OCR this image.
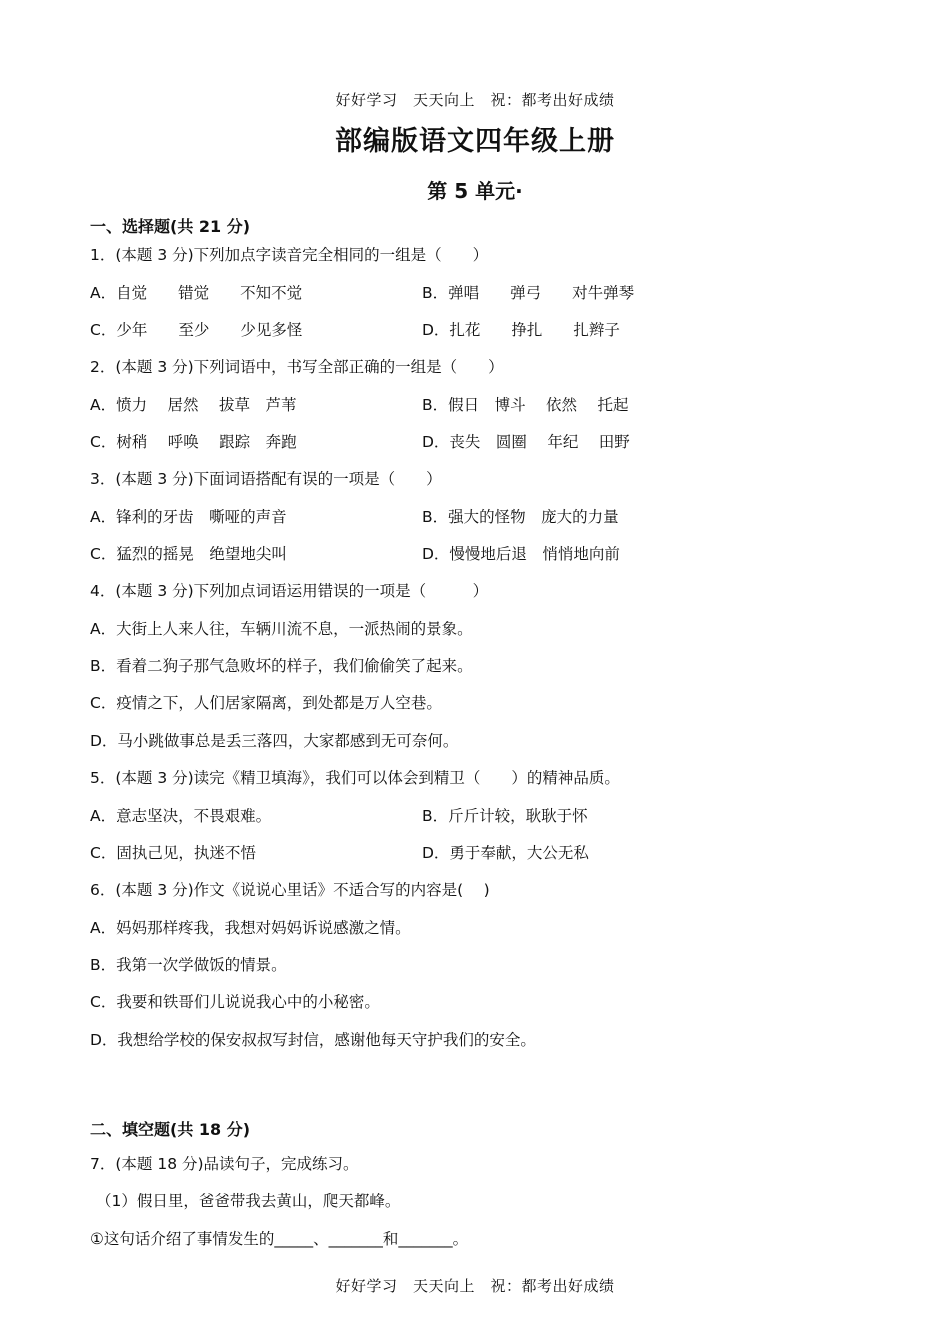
好好学习　天天向上　祝：都考出好成绩
部编版语文四年级上册
第 5 单元·
一、选择题(共 21 分)
1．(本题 3 分)下列加点字读音完全相同的一组是（　　）
A．自觉　　错觉　　不知不觉	B．弹唱　　弹弓　　对牛弹琴
C．少年　　至少　　少见多怪	D．扎花　　挣扎　　扎辫子
2．(本题 3 分)下列词语中，书写全部正确的一组是（　　）
A．愤力　 居然　 拔草　芦苇	B．假日　博斗　 依然　 托起
C．树稍　 呼唤　 跟踪　奔跑	D．丧失　圆圈　 年纪　 田野
3．(本题 3 分)下面词语搭配有误的一项是（　　）
A．锋利的牙齿　嘶哑的声音	B．强大的怪物　庞大的力量
C．猛烈的摇晃　绝望地尖叫	D．慢慢地后退　悄悄地向前
4．(本题 3 分)下列加点词语运用错误的一项是（　　　）
A．大街上人来人往，车辆川流不息，一派热闹的景象。
B．看着二狗子那气急败坏的样子，我们偷偷笑了起来。
C．疫情之下，人们居家隔离，到处都是万人空巷。
D．马小跳做事总是丢三落四，大家都感到无可奈何。
5．(本题 3 分)读完《精卫填海》，我们可以体会到精卫（　　）的精神品质。
A．意志坚决，不畏艰难。	B．斤斤计较，耿耿于怀
C．固执己见，执迷不悟	D．勇于奉献，大公无私
6．(本题 3 分)作文《说说心里话》不适合写的内容是(　 )
A．妈妈那样疼我，我想对妈妈诉说感激之情。
B．我第一次学做饭的情景。
C．我要和铁哥们儿说说我心中的小秘密。
D．我想给学校的保安叔叔写封信，感谢他每天守护我们的安全。
二、填空题(共 18 分)
7．(本题 18 分)品读句子，完成练习。
（1）假日里，爸爸带我去黄山，爬天都峰。
①这句话介绍了事情发生的_____、_______和_______。
好好学习　天天向上　祝：都考出好成绩
